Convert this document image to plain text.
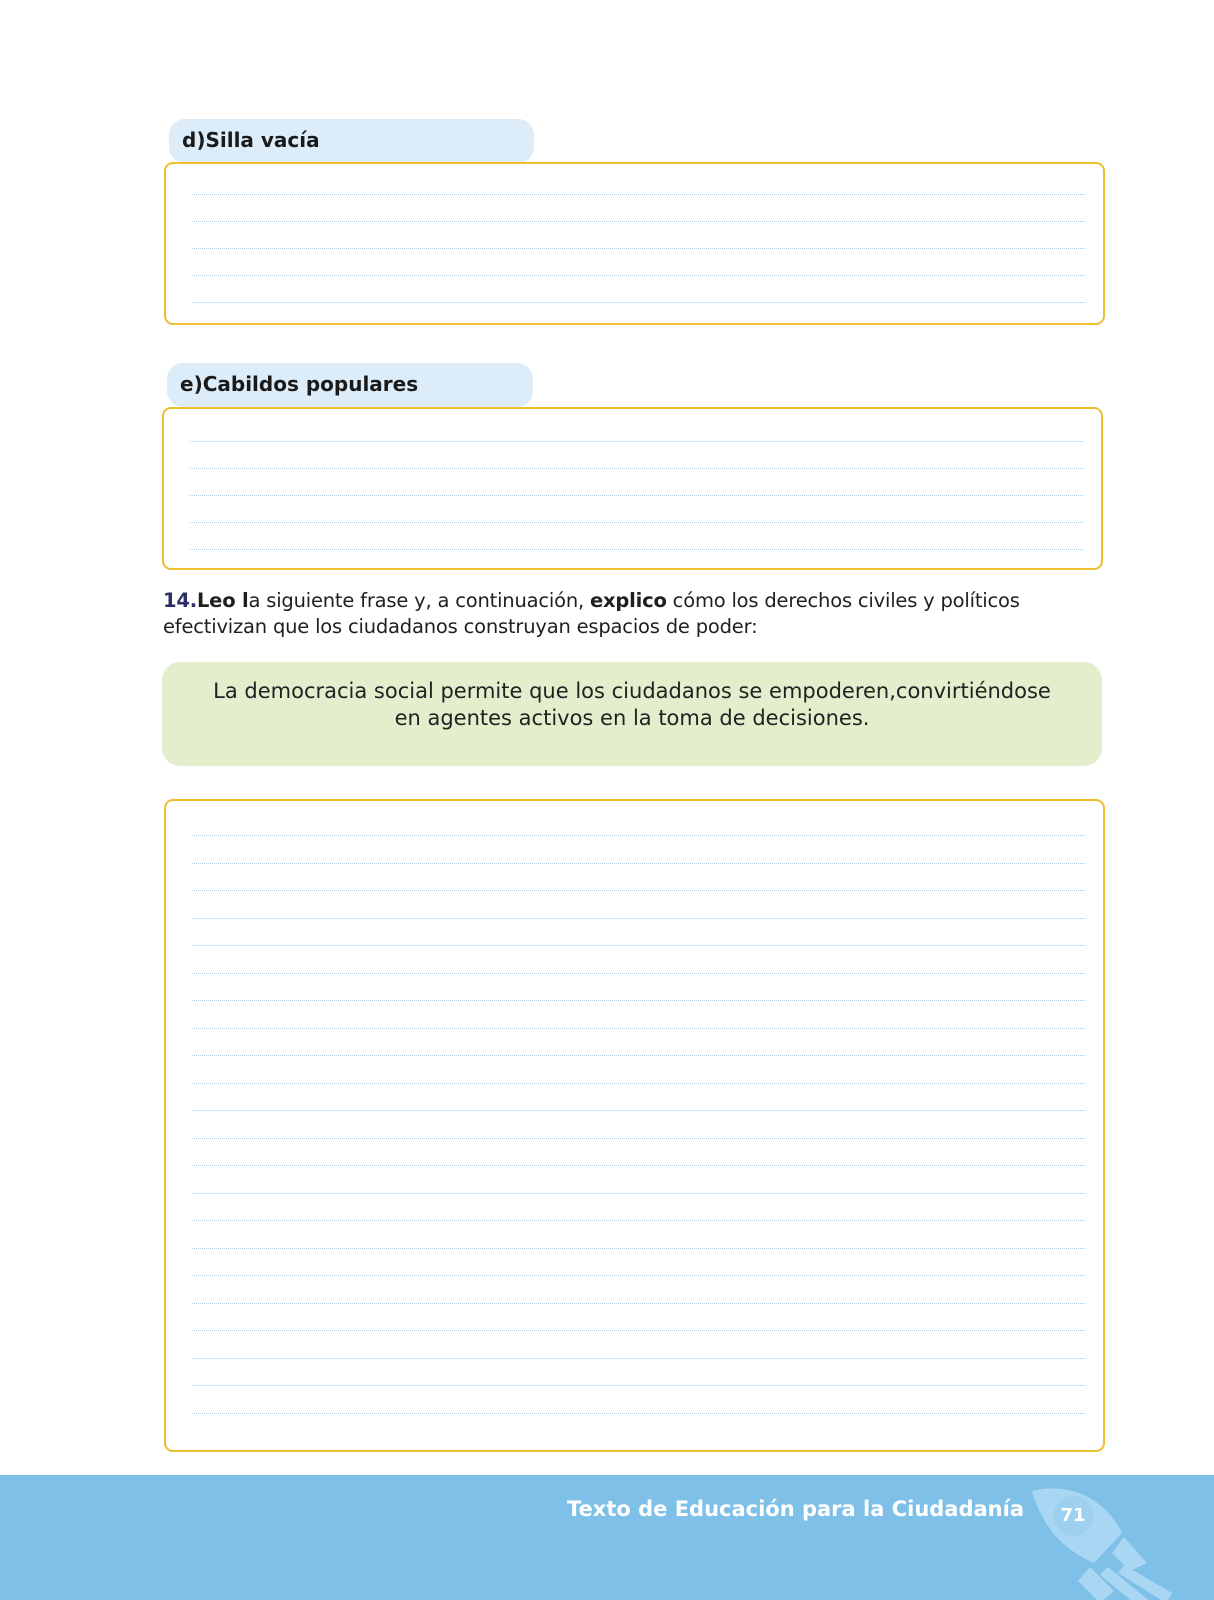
d)Silla vacía
e)Cabildos populares
14.Leo la siguiente frase y, a continuación, explico cómo los derechos civiles y políticos efectivizan que los ciudadanos construyan espacios de poder:
La democracia social permite que los ciudadanos se empoderen,convirtiéndose en agentes activos en la toma de decisiones.
Texto de Educación para la Ciudadanía	71
